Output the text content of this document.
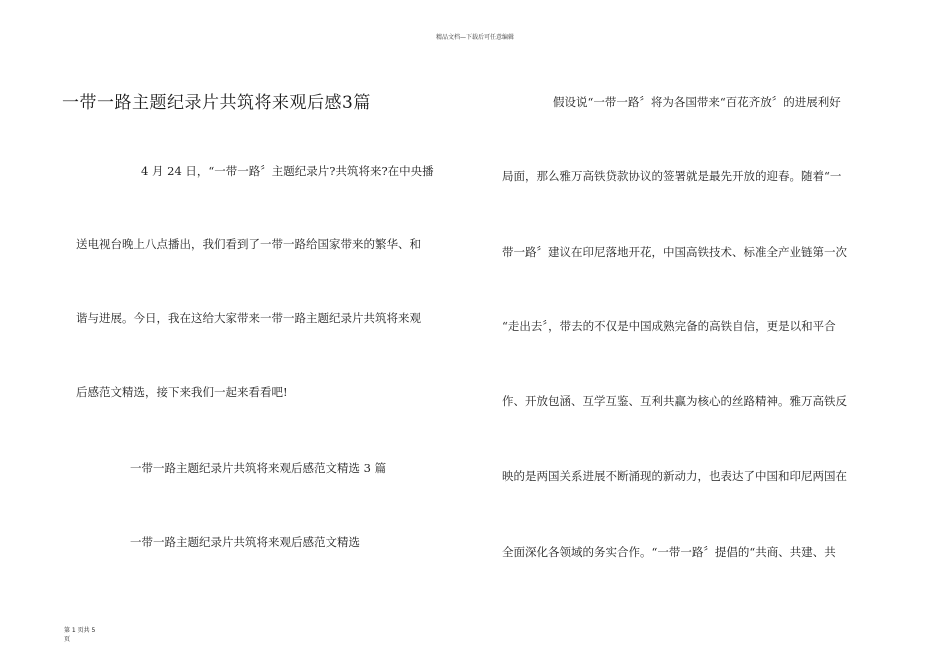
精品文档—下载后可任意编辑
一带一路主题纪录片共筑将来观后感3篇
4 月 24 日，“一带一路〞主题纪录片?共筑将来?在中央播
送电视台晚上八点播出，我们看到了一带一路给国家带来的繁华、和
谐与进展。今日，我在这给大家带来一带一路主题纪录片共筑将来观
后感范文精选，接下来我们一起来看看吧!
一带一路主题纪录片共筑将来观后感范文精选 3 篇
一带一路主题纪录片共筑将来观后感范文精选
假设说“一带一路〞将为各国带来“百花齐放〞的进展利好
局面，那么雅万高铁贷款协议的签署就是最先开放的迎春。随着“一
带一路〞建议在印尼落地开花，中国高铁技术、标准全产业链第一次
“走出去〞，带去的不仅是中国成熟完备的高铁自信，更是以和平合
作、开放包涵、互学互鉴、互利共赢为核心的丝路精神。雅万高铁反
映的是两国关系进展不断涌现的新动力，也表达了中国和印尼两国在
全面深化各领域的务实合作。“一带一路〞提倡的“共商、共建、共
第 1 页共 5
页
